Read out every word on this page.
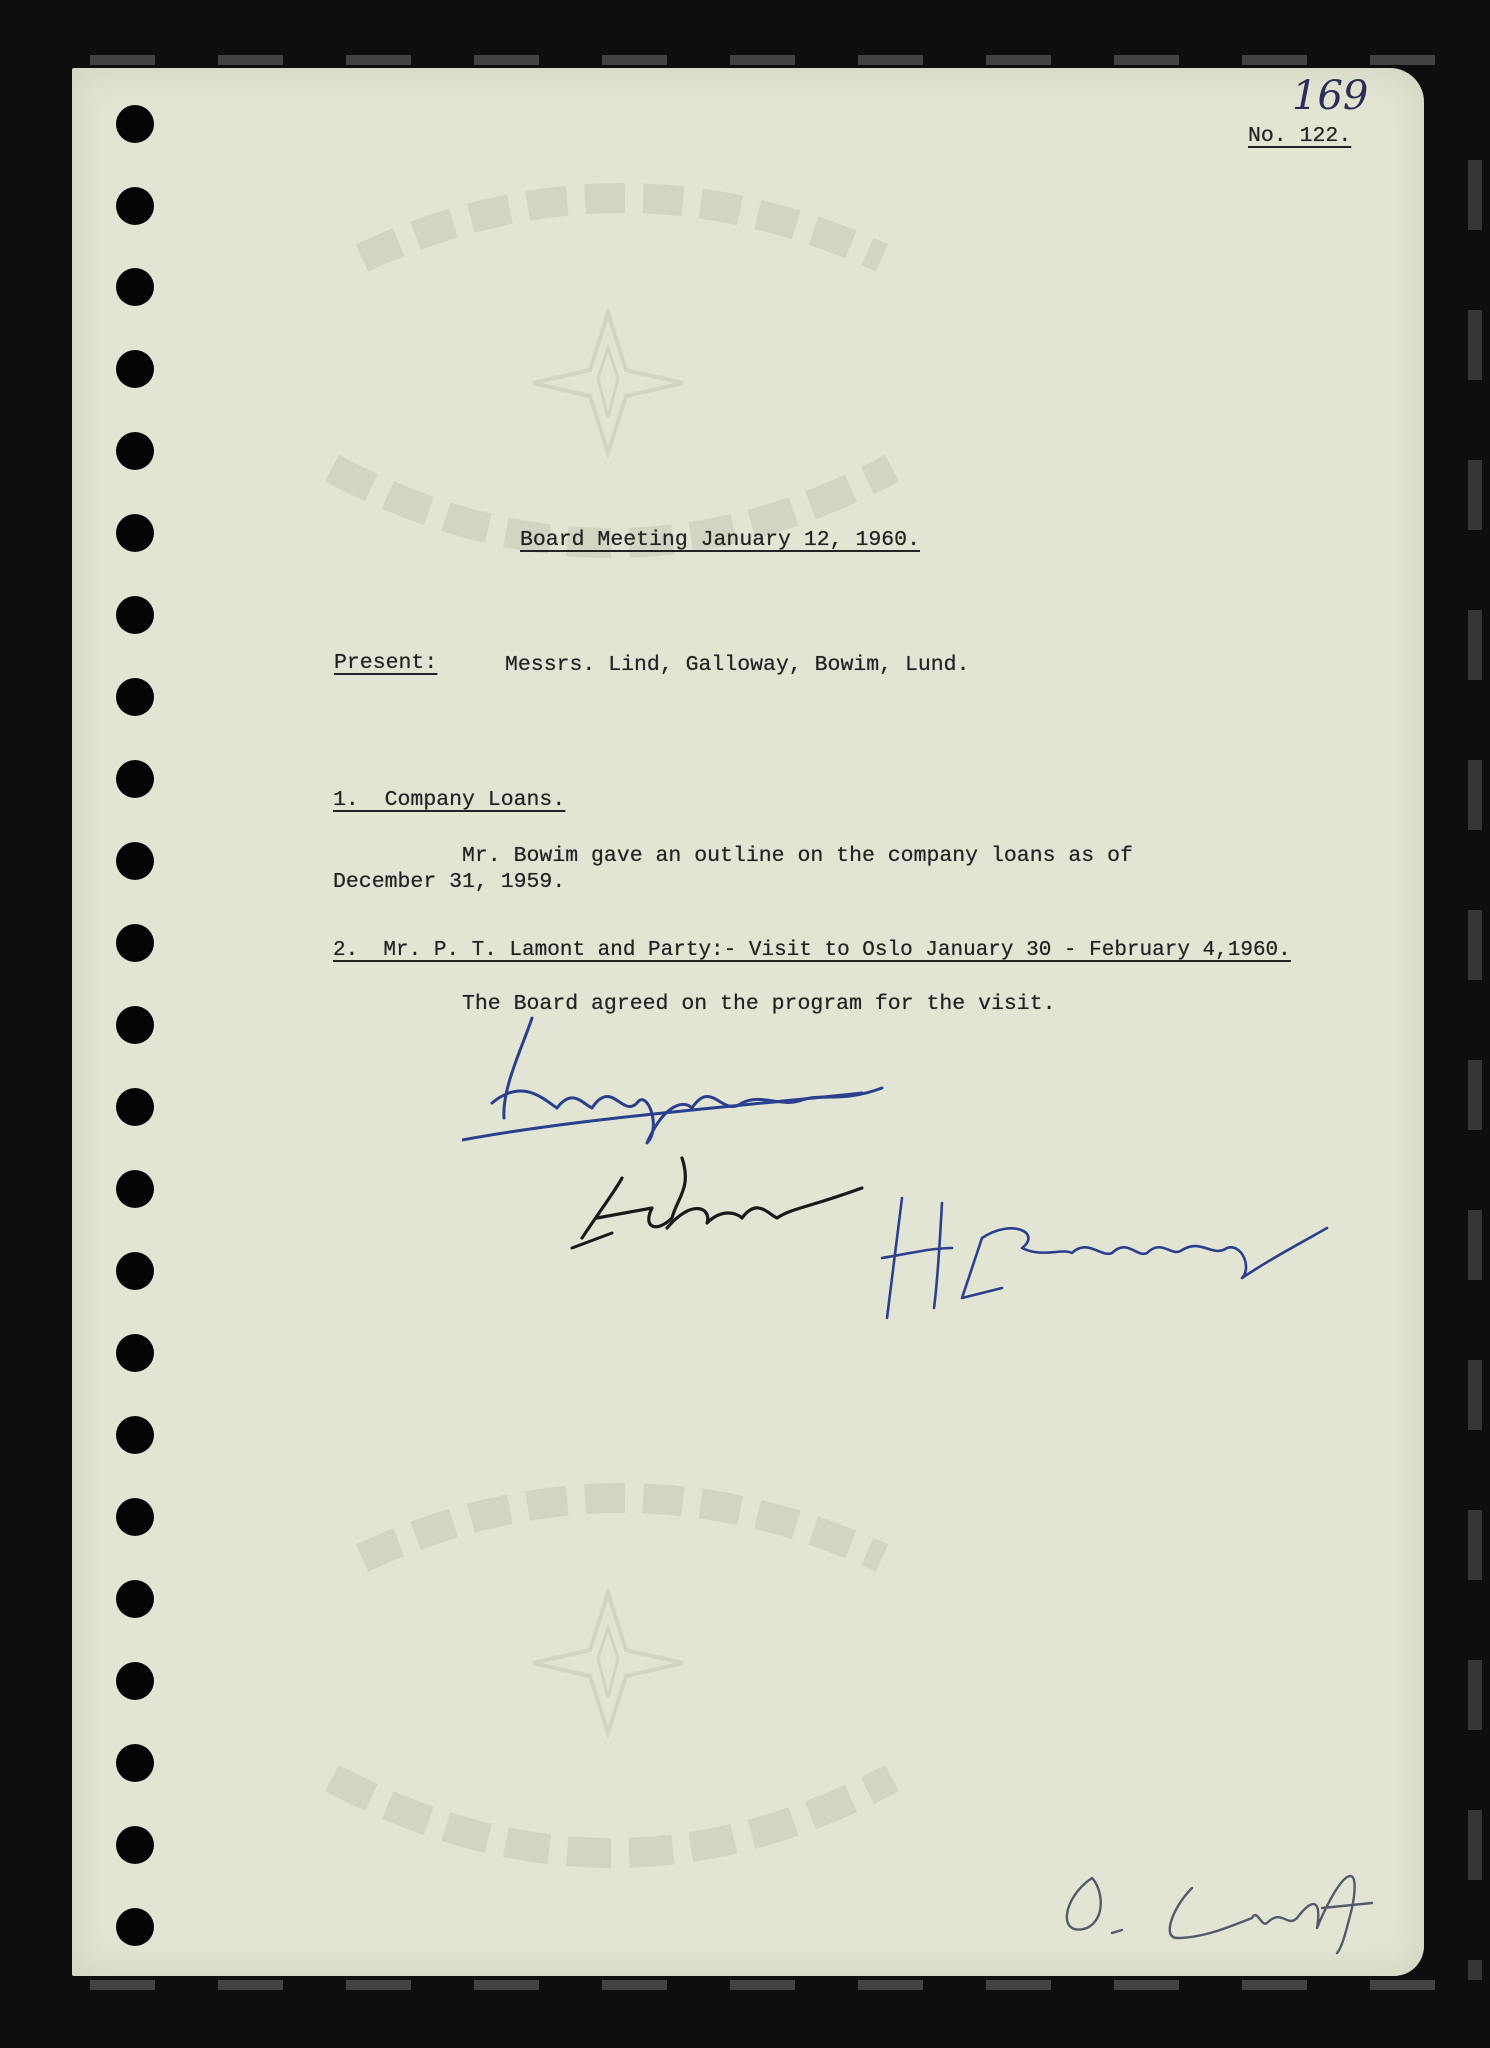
169
No. 122.
Board Meeting January 12, 1960.
Present:	Messrs. Lind, Galloway, Bowim, Lund.
1.  Company Loans.
Mr. Bowim gave an outline on the company loans as of
December 31, 1959.
2.  Mr. P. T. Lamont and Party:- Visit to Oslo January 30 - February 4,1960.
The Board agreed on the program for the visit.
